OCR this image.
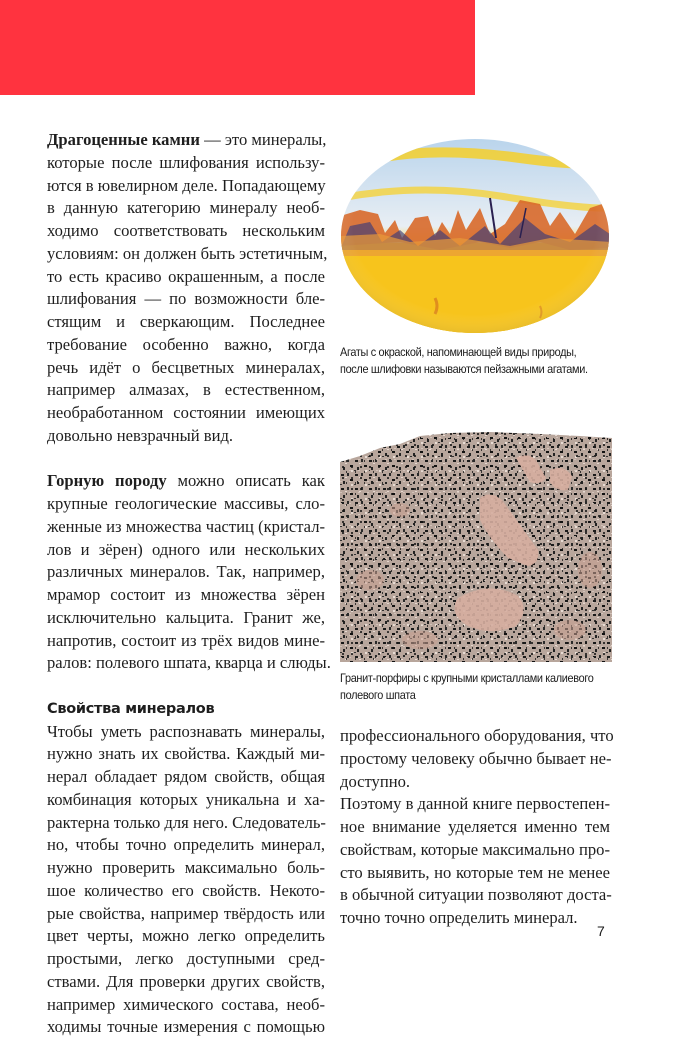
Драгоценные камни — это минералы,
которые после шлифования использу-
ются в ювелирном деле. Попадающему
в данную категорию минералу необ-
ходимо соответствовать нескольким
условиям: он должен быть эстетичным,
то есть красиво окрашенным, а после
шлифования — по возможности бле-
стящим и сверкающим. Последнее
требование особенно важно, когда
речь идёт о бесцветных минералах,
например алмазах, в естественном,
необработанном состоянии имеющих
довольно невзрачный вид.
Горную породу можно описать как
крупные геологические массивы, сло-
женные из множества частиц (кристал-
лов и зёрен) одного или нескольких
различных минералов. Так, например,
мрамор состоит из множества зёрен
исключительно кальцита. Гранит же,
напротив, состоит из трёх видов мине-
ралов: полевого шпата, кварца и слюды.
Свойства минералов
Чтобы уметь распознавать минералы,
нужно знать их свойства. Каждый ми-
нерал обладает рядом свойств, общая
комбинация которых уникальна и ха-
рактерна только для него. Следователь-
но, чтобы точно определить минерал,
нужно проверить максимально боль-
шое количество его свойств. Некото-
рые свойства, например твёрдость или
цвет черты, можно легко определить
простыми, легко доступными сред-
ствами. Для проверки других свойств,
например химического состава, необ-
ходимы точные измерения с помощью
Агаты с окраской, напоминающей виды природы,
после шлифовки называются пейзажными агатами.
Гранит-порфиры с крупными кристаллами калиевого
полевого шпата
профессионального оборудования, что
простому человеку обычно бывает не-
доступно.
Поэтому в данной книге первостепен-
ное внимание уделяется именно тем
свойствам, которые максимально про-
сто выявить, но которые тем не менее
в обычной ситуации позволяют доста-
точно точно определить минерал.
7
